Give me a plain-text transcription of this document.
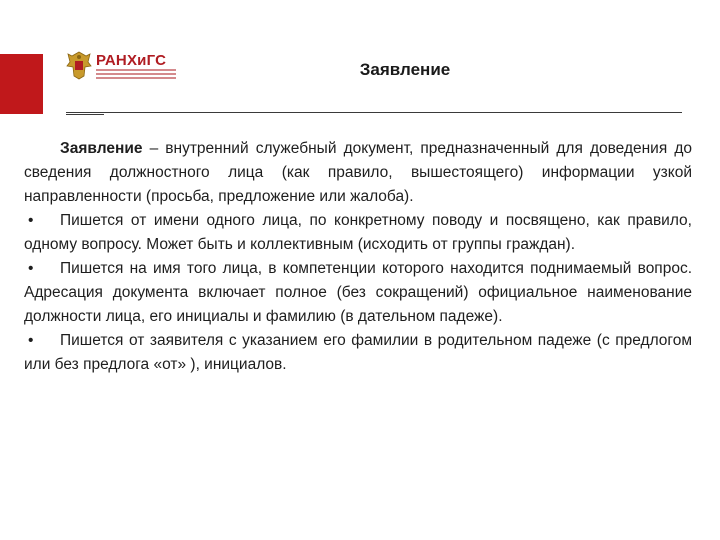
РАНХиГС	Заявление

Заявление – внутренний служебный документ, предназначенный для доведения до сведения должностного лица (как правило, вышестоящего) информации узкой направленности (просьба, предложение или жалоба).

• Пишется от имени одного лица, по конкретному поводу и посвящено, как правило, одному вопросу. Может быть и коллективным (исходить от группы граждан).

• Пишется на имя того лица, в компетенции которого находится поднимаемый вопрос. Адресация документа включает полное (без сокращений) официальное наименование должности лица, его инициалы и фамилию (в дательном падеже).

• Пишется от заявителя с указанием его фамилии в родительном падеже (с предлогом или без предлога «от» ), инициалов.
